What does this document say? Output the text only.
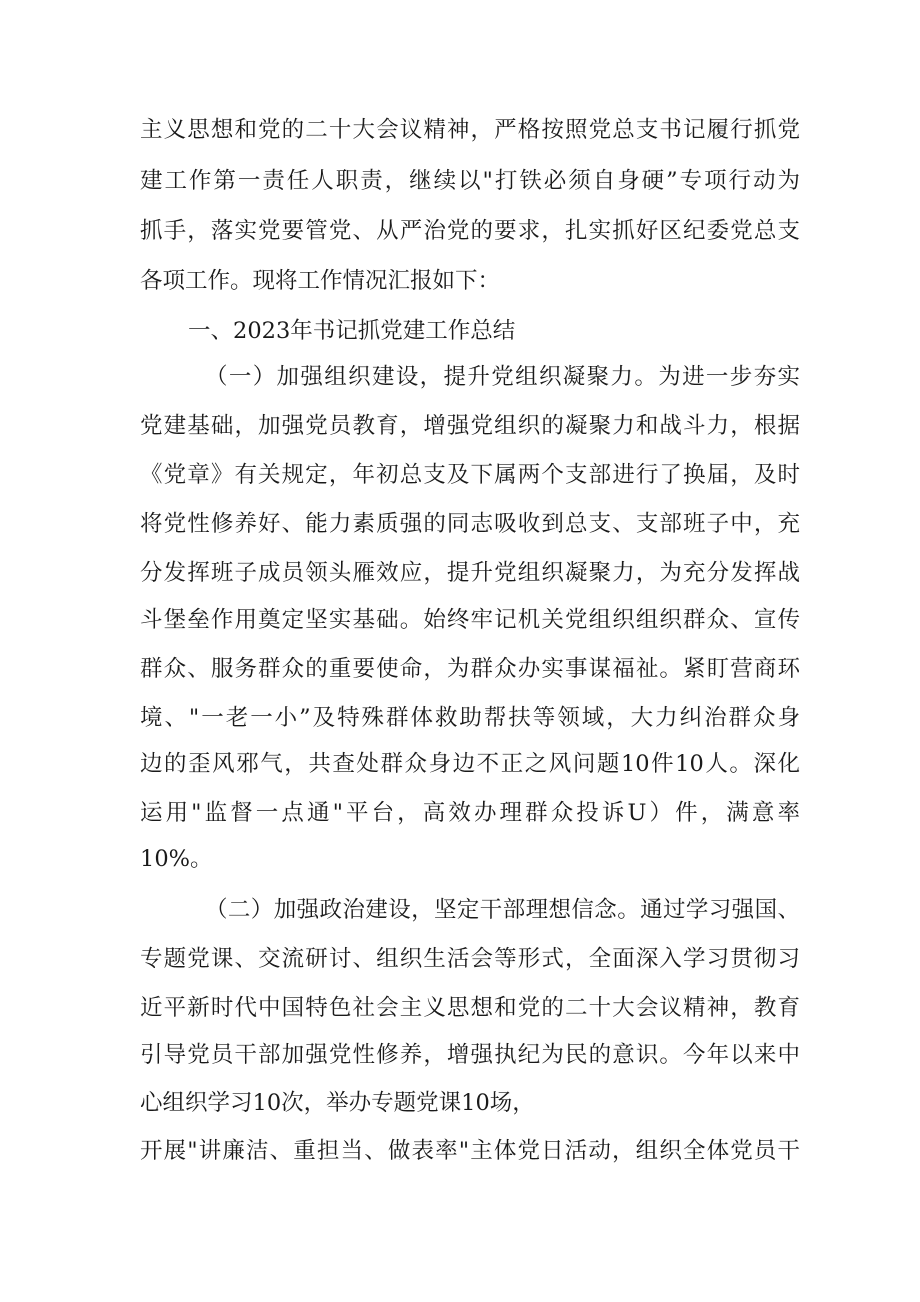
主义思想和党的二十大会议精神，严格按照党总支书记履行抓党
建工作第一责任人职责，继续以"打铁必须自身硬”专项行动为
抓手，落实党要管党、从严治党的要求，扎实抓好区纪委党总支
各项工作。现将工作情况汇报如下：
一、2023年书记抓党建工作总结
（一）加强组织建设，提升党组织凝聚力。为进一步夯实
党建基础，加强党员教育，增强党组织的凝聚力和战斗力，根据
《党章》有关规定，年初总支及下属两个支部进行了换届，及时
将党性修养好、能力素质强的同志吸收到总支、支部班子中，充
分发挥班子成员领头雁效应，提升党组织凝聚力，为充分发挥战
斗堡垒作用奠定坚实基础。始终牢记机关党组织组织群众、宣传
群众、服务群众的重要使命，为群众办实事谋福祉。紧盯营商环
境、"一老一小”及特殊群体救助帮扶等领域，大力纠治群众身
边的歪风邪气，共查处群众身边不正之风问题10件10人。深化
运用"监督一点通"平台，高效办理群众投诉U）件，满意率
10%。
（二）加强政治建设，坚定干部理想信念。通过学习强国、
专题党课、交流研讨、组织生活会等形式，全面深入学习贯彻习
近平新时代中国特色社会主义思想和党的二十大会议精神，教育
引导党员干部加强党性修养，增强执纪为民的意识。今年以来中
心组织学习10次，举办专题党课10场，
开展"讲廉洁、重担当、做表率"主体党日活动，组织全体党员干
